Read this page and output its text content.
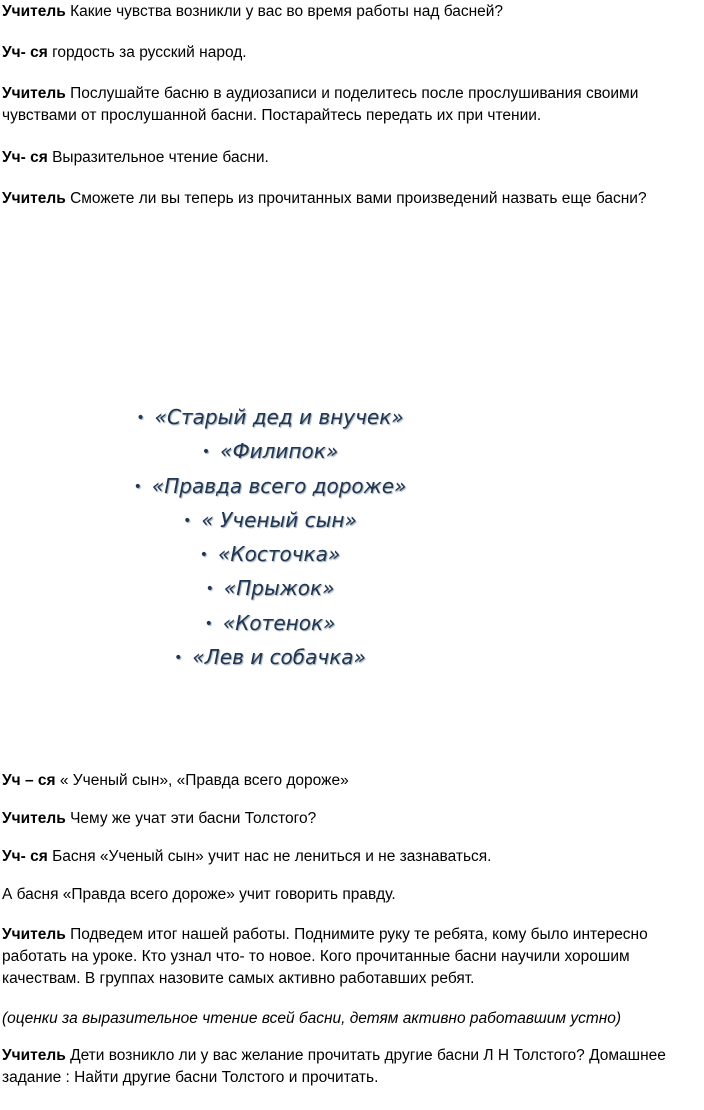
Учитель Какие чувства возникли у вас во время работы над басней?

Уч- ся гордость за русский народ.

Учитель Послушайте басню в аудиозаписи и поделитесь после прослушивания своими чувствами от прослушанной басни. Постарайтесь передать их при чтении.

Уч- ся Выразительное чтение басни.

Учитель Сможете ли вы теперь из прочитанных вами произведений назвать еще басни?

• «Старый дед и внучек»
• «Филипок»
• «Правда всего дороже»
• « Ученый сын»
• «Косточка»
• «Прыжок»
• «Котенок»
• «Лев и собачка»

Уч – ся « Ученый сын», «Правда всего дороже»

Учитель Чему же учат эти басни Толстого?

Уч- ся Басня «Ученый сын» учит нас не лениться и не зазнаваться.

А басня «Правда всего дороже» учит говорить правду.

Учитель Подведем итог нашей работы. Поднимите руку те ребята, кому было интересно работать на уроке. Кто узнал что- то новое. Кого прочитанные басни научили хорошим качествам. В группах назовите самых активно работавших ребят.

(оценки за выразительное чтение всей басни, детям активно работавшим устно)

Учитель Дети возникло ли у вас желание прочитать другие басни Л Н Толстого? Домашнее задание : Найти другие басни Толстого и прочитать.
